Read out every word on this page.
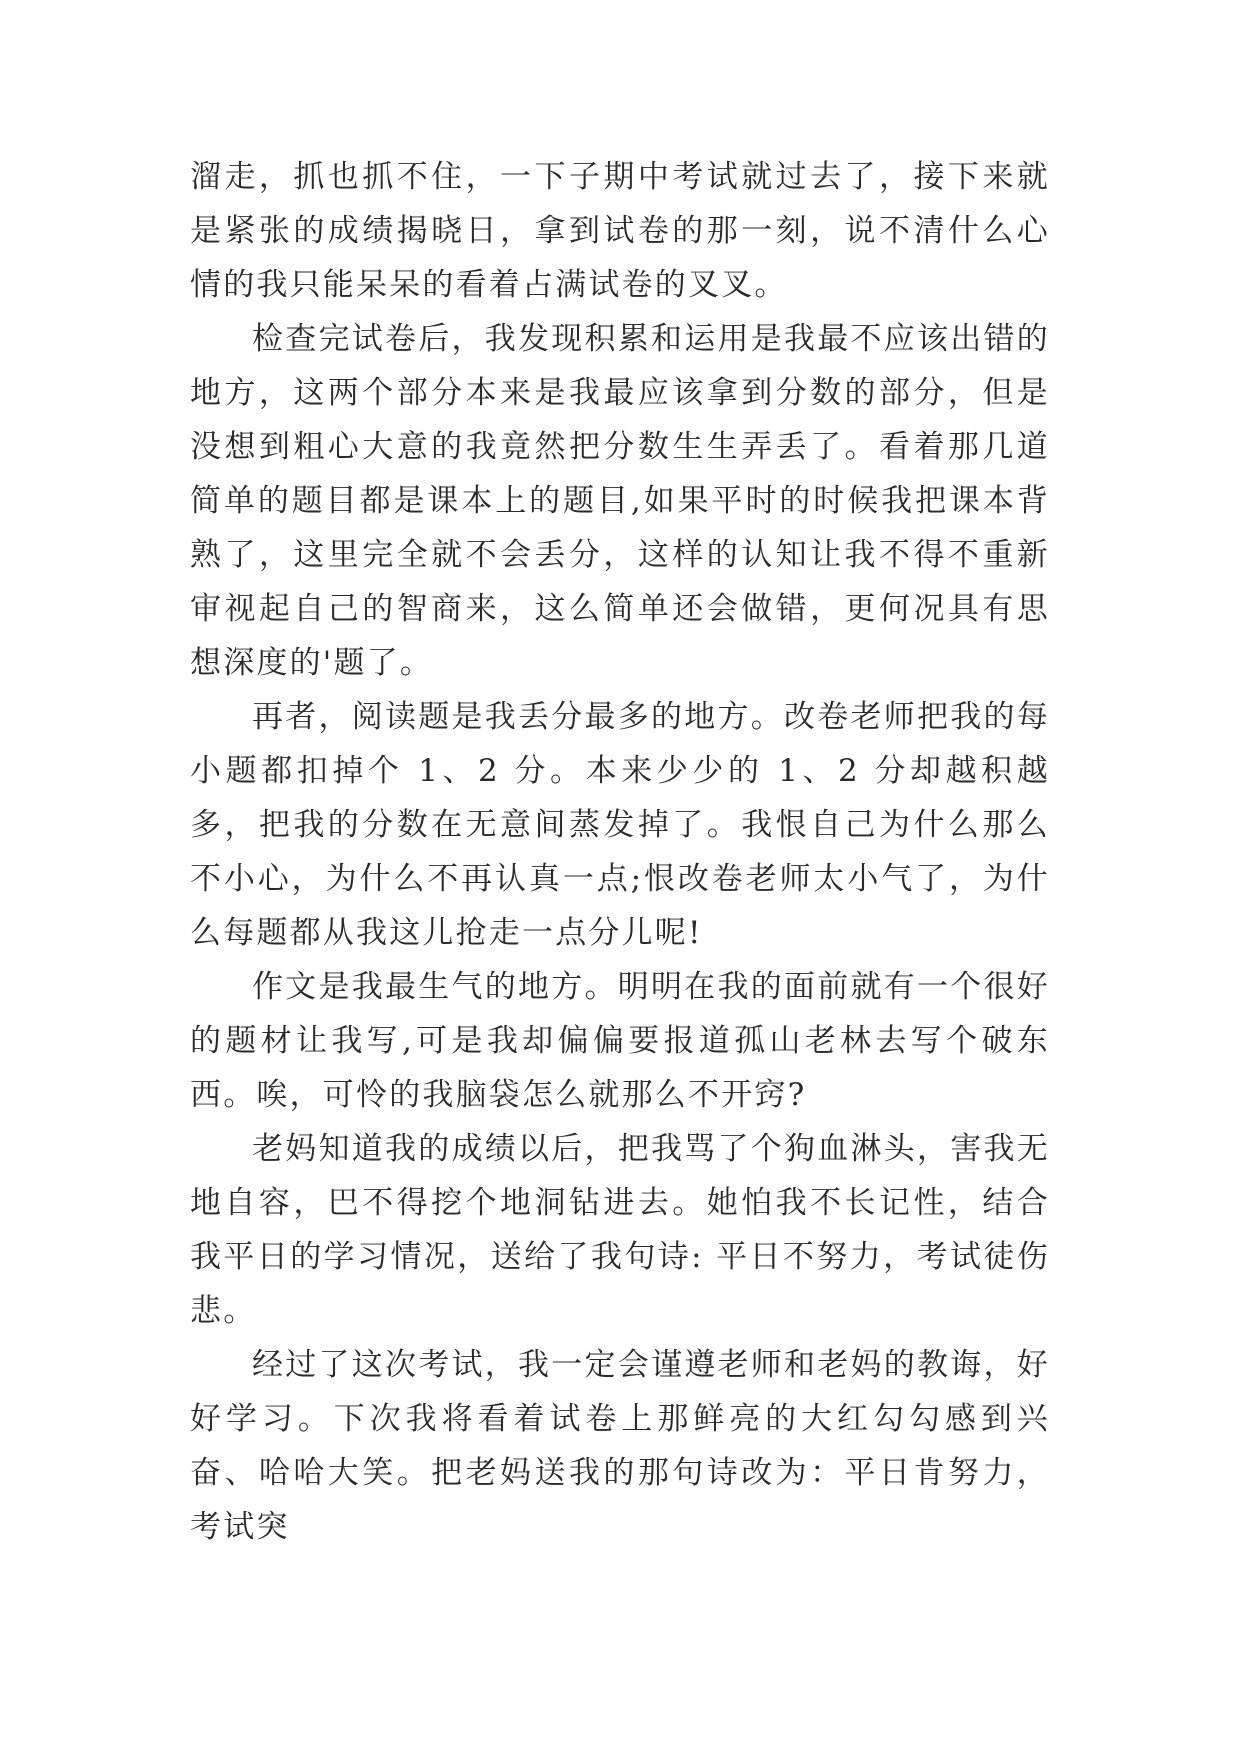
溜走，抓也抓不住，一下子期中考试就过去了，接下来就是紧张的成绩揭晓日，拿到试卷的那一刻，说不清什么心情的我只能呆呆的看着占满试卷的叉叉。

检查完试卷后，我发现积累和运用是我最不应该出错的地方，这两个部分本来是我最应该拿到分数的部分，但是没想到粗心大意的我竟然把分数生生弄丢了。看着那几道简单的题目都是课本上的题目,如果平时的时候我把课本背熟了，这里完全就不会丢分，这样的认知让我不得不重新审视起自己的智商来，这么简单还会做错，更何况具有思想深度的'题了。

再者，阅读题是我丢分最多的地方。改卷老师把我的每小题都扣掉个 1、2 分。本来少少的 1、2 分却越积越多，把我的分数在无意间蒸发掉了。我恨自己为什么那么不小心，为什么不再认真一点;恨改卷老师太小气了，为什么每题都从我这儿抢走一点分儿呢!

作文是我最生气的地方。明明在我的面前就有一个很好的题材让我写,可是我却偏偏要报道孤山老林去写个破东西。唉，可怜的我脑袋怎么就那么不开窍?

老妈知道我的成绩以后，把我骂了个狗血淋头，害我无地自容，巴不得挖个地洞钻进去。她怕我不长记性，结合我平日的学习情况，送给了我句诗: 平日不努力，考试徒伤悲。

经过了这次考试，我一定会谨遵老师和老妈的教诲，好好学习。下次我将看着试卷上那鲜亮的大红勾勾感到兴奋、哈哈大笑。把老妈送我的那句诗改为：平日肯努力，考试突
